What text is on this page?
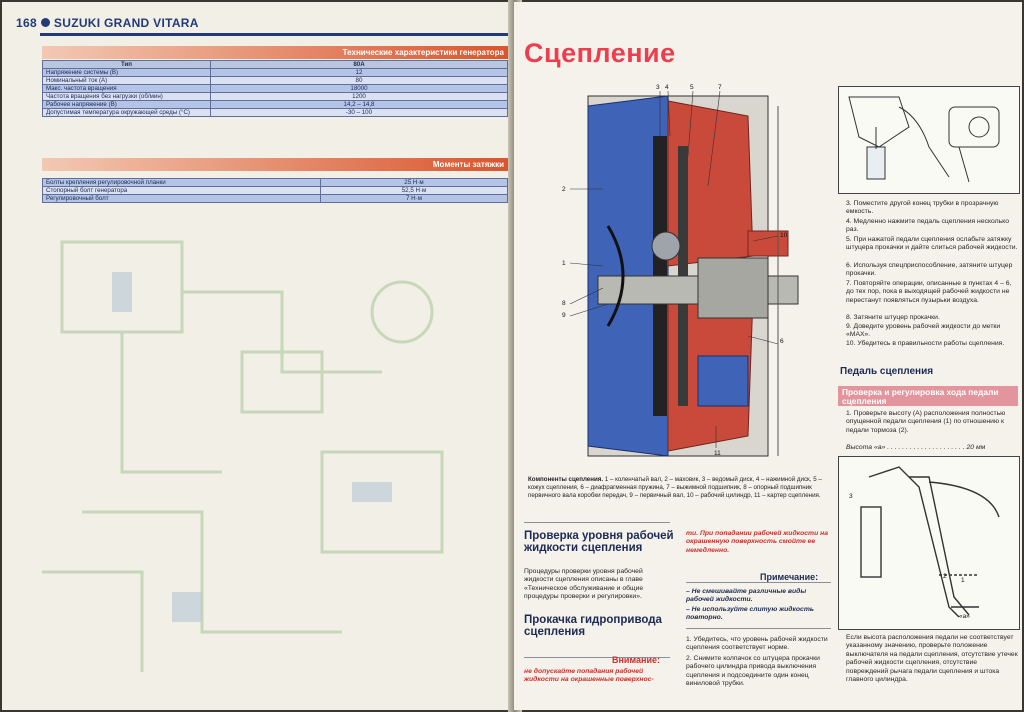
168 SUZUKI GRAND VITARA
Технические характеристики генератора
Тип	80A
Напряжение системы (В)	12
Номинальный ток (А)	80
Макс. частота вращения	18000
Частота вращения без нагрузки (об/мин)	1200
Рабочее напряжение (В)	14,2 – 14,8
Допустимая температура окружающей среды (°С)	-30 – 100
Моменты затяжки
Болты крепления регулировочной планки	25 Н·м
Стопорный болт генератора	52,5 Н·м
Регулировочный болт	7 Н·м
Сцепление
3 4	5	7
2
1
8
9
10
6
11
Компоненты сцепления. 1 – коленчатый вал, 2 – маховик, 3 – ведомый диск, 4 – нажимной диск, 5 – кожух сцепления, 6 – диафрагменная пружина, 7 – выжимной подшипник, 8 – опорный подшипник первичного вала коробки передач, 9 – первичный вал, 10 – рабочий цилиндр, 11 – картер сцепления.
Проверка уровня рабочей жидкости сцепления
Процедуры проверки уровня рабочей жидкости сцепления описаны в главе «Техническое обслуживание и общие процедуры проверки и регулировки».
Прокачка гидропривода сцепления
Внимание:
не допускайте попадания рабочей жидкости на окрашенные поверхнос-
ти. При попадании рабочей жидкости на окрашенную поверхность смойте ее немедленно.
Примечание:
– Не смешивайте различные виды рабочей жидкости.
– Не используйте слитую жидкость повторно.
1. Убедитесь, что уровень рабочей жидкости сцепления соответствует норме.
2. Снимите колпачок со штуцера прокачки рабочего цилиндра привода выключения сцепления и подсоедините один конец виниловой трубки.
3. Поместите другой конец трубки в прозрачную емкость.
4. Медленно нажмите педаль сцепления несколько раз.
5. При нажатой педали сцепления ослабьте затяжку штуцера прокачки и дайте слиться рабочей жидкости.
6. Используя спецприспособление, затяните штуцер прокачки.
7. Повторяйте операции, описанные в пунктах 4 – 6, до тех пор, пока в выходящей рабочей жидкости не перестанут появляться пузырьки воздуха.
8. Затяните штуцер прокачки.
9. Доведите уровень рабочей жидкости до метки «MAX».
10. Убедитесь в правильности работы сцепления.
Педаль сцепления
Проверка и регулировка хода педали сцепления
1. Проверьте высоту (А) расположения полностью опущенной педали сцепления (1) по отношению к педали тормоза (2).
Высота «а» . . . . . . . . . . . . . . . . . . . . . 20 мм
3
2
1
«a»
Если высота расположения педали не соответствует указанному значению, проверьте положение выключателя на педали сцепления, отсутствие утечек рабочей жидкости сцепления, отсутствие повреждений рычага педали сцепления и штока главного цилиндра.
